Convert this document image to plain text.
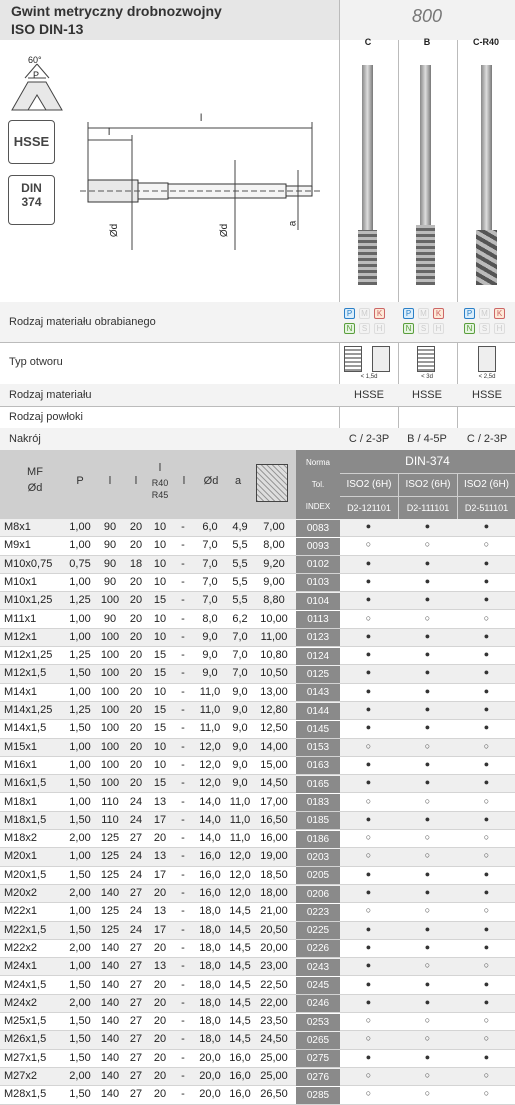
Gwint metryczny drobnozwojny
ISO DIN-13
800
C	B	C-R40
60°
P
l
l
Ød	Ød
a
HSSE
DIN
374
Rodzaj materiału obrabianego
P	M	K
N	S	H
P	M	K
N	S	H
P	M	K
N	S	H
Typ otworu
< 1,5d	< 3d	< 2,5d
Rodzaj materiału	HSSE	HSSE	HSSE
Rodzaj powłoki
Nakrój	C / 2-3P	B / 4-5P	C / 2-3P
MF
Ød
P	l	l
l
R40
R45
l	Ød	a
Norma
Tol.
INDEX
DIN-374
ISO2 (6H)	ISO2 (6H)	ISO2 (6H)
D2-121101	D2-111101	D2-511101
M8x1	1,00	90	20	10	-	6,0	4,9	7,00	0083	●	●	●
M9x1	1,00	90	20	10	-	7,0	5,5	8,00	0093	○	○	○
M10x0,75	0,75	90	18	10	-	7,0	5,5	9,20	0102	●	●	●
M10x1	1,00	90	20	10	-	7,0	5,5	9,00	0103	●	●	●
M10x1,25	1,25 100 20	15	-	7,0	5,5	8,80	0104	●	●	●
M11x1	1,00	90	20	10	-	8,0	6,2	10,00	0113	○	○	○
M12x1	1,00 100 20	10	-	9,0	7,0	11,00	0123	●	●	●
M12x1,25	1,25 100 20	15	-	9,0	7,0	10,80	0124	●	●	●
M12x1,5	1,50 100 20	15	-	9,0	7,0	10,50	0125	●	●	●
M14x1	1,00 100 20	10	-	11,0	9,0	13,00	0143	●	●	●
M14x1,25	1,25 100 20	15	-	11,0	9,0	12,80	0144	●	●	●
M14x1,5	1,50 100 20	15	-	11,0	9,0	12,50	0145	●	●	●
M15x1	1,00 100 20	10	-	12,0	9,0	14,00	0153	○	○	○
M16x1	1,00 100 20	10	-	12,0	9,0	15,00	0163	●	●	●
M16x1,5	1,50 100 20	15	-	12,0	9,0	14,50	0165	●	●	●
M18x1	1,00 110	24	13	-	14,0 11,0 17,00	0183	○	○	○
M18x1,5	1,50 110	24	17	-	14,0 11,0 16,50	0185	●	●	●
M18x2	2,00 125 27	20	-	14,0 11,0 16,00	0186	○	○	○
M20x1	1,00 125 24	13	-	16,0 12,0 19,00	0203	○	○	○
M20x1,5	1,50 125 24	17	-	16,0 12,0 18,50	0205	●	●	●
M20x2	2,00 140 27	20	-	16,0 12,0 18,00	0206	●	●	●
M22x1	1,00 125 24	13	-	18,0 14,5 21,00	0223	○	○	○
M22x1,5	1,50 125 24	17	-	18,0 14,5 20,50	0225	●	●	●
M22x2	2,00 140 27	20	-	18,0 14,5 20,00	0226	●	●	●
M24x1	1,00 140 27	13	-	18,0 14,5 23,00	0243	●	○	○
M24x1,5	1,50 140 27	20	-	18,0 14,5 22,50	0245	●	●	●
M24x2	2,00 140 27	20	-	18,0 14,5 22,00	0246	●	●	●
M25x1,5	1,50 140 27	20	-	18,0 14,5 23,50	0253	○	○	○
M26x1,5	1,50 140 27	20	-	18,0 14,5 24,50	0265	○	○	○
M27x1,5	1,50 140 27	20	-	20,0 16,0 25,00	0275	●	●	●
M27x2	2,00 140 27	20	-	20,0 16,0 25,00	0276	○	○	○
M28x1,5	1,50 140 27	20	-	20,0 16,0 26,50	0285	○	○	○
